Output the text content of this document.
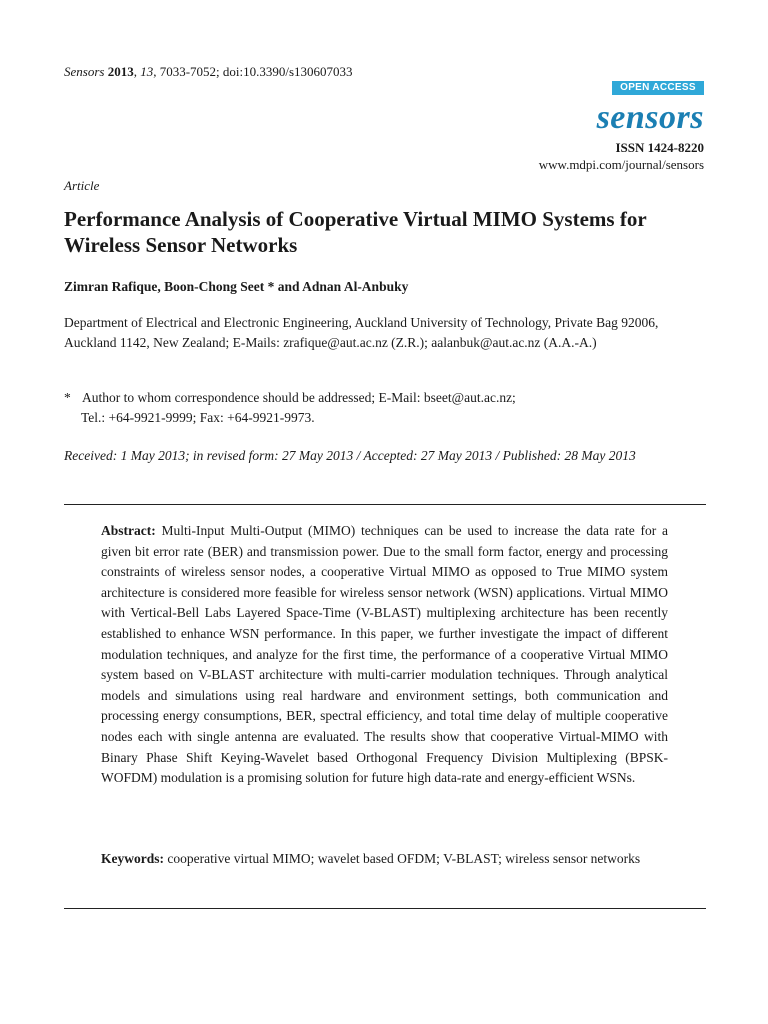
Sensors 2013, 13, 7033-7052; doi:10.3390/s130607033
OPEN ACCESS
sensors
ISSN 1424-8220
www.mdpi.com/journal/sensors
Article
Performance Analysis of Cooperative Virtual MIMO Systems for Wireless Sensor Networks
Zimran Rafique, Boon-Chong Seet * and Adnan Al-Anbuky
Department of Electrical and Electronic Engineering, Auckland University of Technology, Private Bag 92006, Auckland 1142, New Zealand; E-Mails: zrafique@aut.ac.nz (Z.R.); aalanbuk@aut.ac.nz (A.A.-A.)
* Author to whom correspondence should be addressed; E-Mail: bseet@aut.ac.nz;
Tel.: +64-9921-9999; Fax: +64-9921-9973.
Received: 1 May 2013; in revised form: 27 May 2013 / Accepted: 27 May 2013 / Published: 28 May 2013
Abstract: Multi-Input Multi-Output (MIMO) techniques can be used to increase the data rate for a given bit error rate (BER) and transmission power. Due to the small form factor, energy and processing constraints of wireless sensor nodes, a cooperative Virtual MIMO as opposed to True MIMO system architecture is considered more feasible for wireless sensor network (WSN) applications. Virtual MIMO with Vertical-Bell Labs Layered Space-Time (V-BLAST) multiplexing architecture has been recently established to enhance WSN performance. In this paper, we further investigate the impact of different modulation techniques, and analyze for the first time, the performance of a cooperative Virtual MIMO system based on V-BLAST architecture with multi-carrier modulation techniques. Through analytical models and simulations using real hardware and environment settings, both communication and processing energy consumptions, BER, spectral efficiency, and total time delay of multiple cooperative nodes each with single antenna are evaluated. The results show that cooperative Virtual-MIMO with Binary Phase Shift Keying-Wavelet based Orthogonal Frequency Division Multiplexing (BPSK-WOFDM) modulation is a promising solution for future high data-rate and energy-efficient WSNs.
Keywords: cooperative virtual MIMO; wavelet based OFDM; V-BLAST; wireless sensor networks
